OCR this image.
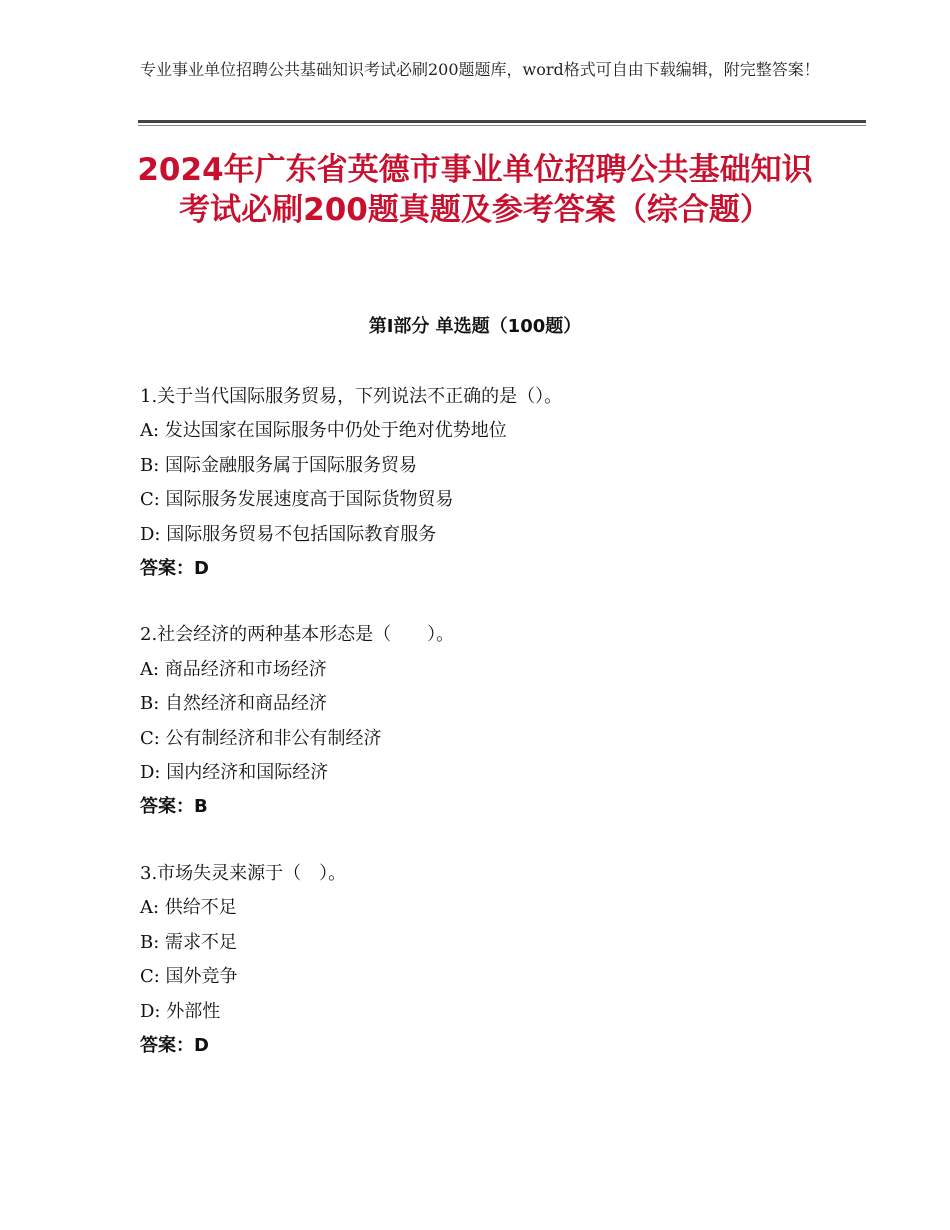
专业事业单位招聘公共基础知识考试必刷200题题库，word格式可自由下载编辑，附完整答案！
2024年广东省英德市事业单位招聘公共基础知识考试必刷200题真题及参考答案（综合题）
第Ⅰ部分 单选题（100题）
1.关于当代国际服务贸易，下列说法不正确的是（）。
A: 发达国家在国际服务中仍处于绝对优势地位
B: 国际金融服务属于国际服务贸易
C: 国际服务发展速度高于国际货物贸易
D: 国际服务贸易不包括国际教育服务
答案：D
2.社会经济的两种基本形态是（　　）。
A: 商品经济和市场经济
B: 自然经济和商品经济
C: 公有制经济和非公有制经济
D: 国内经济和国际经济
答案：B
3.市场失灵来源于（　）。
A: 供给不足
B: 需求不足
C: 国外竞争
D: 外部性
答案：D
